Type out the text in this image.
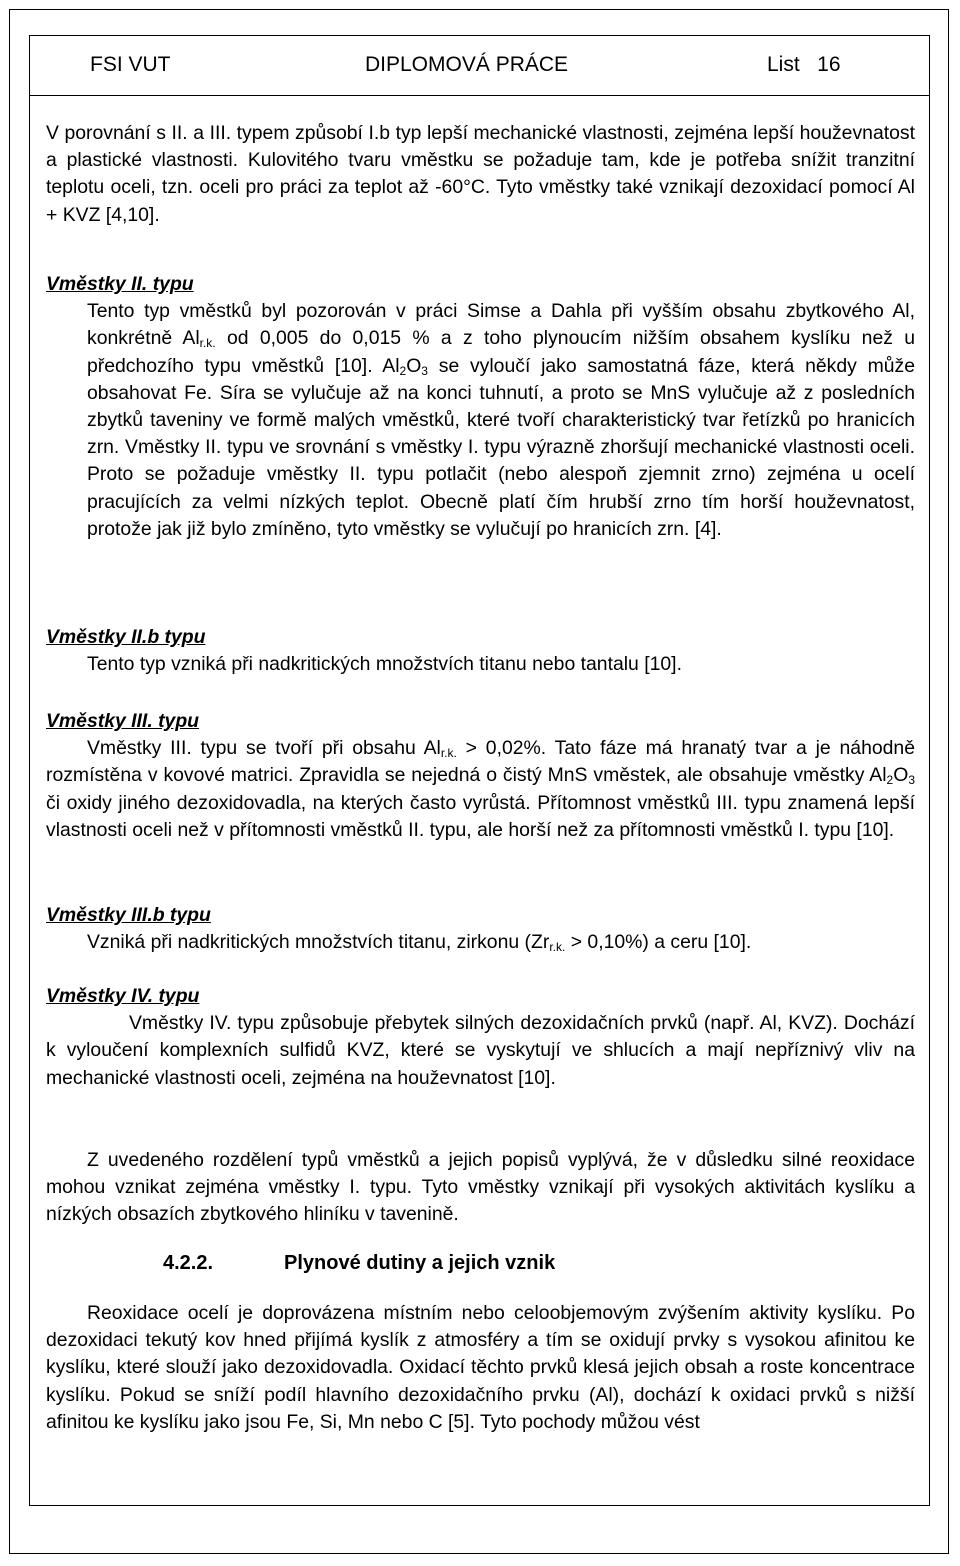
FSI VUT	DIPLOMOVÁ PRÁCE	List   16

V porovnání s II. a III. typem způsobí I.b typ lepší mechanické vlastnosti, zejména lepší houževnatost a plastické vlastnosti. Kulovitého tvaru vměstku se požaduje tam, kde je potřeba snížit tranzitní teplotu oceli, tzn. oceli pro práci za teplot až -60°C. Tyto vměstky také vznikají dezoxidací pomocí Al + KVZ [4,10].

Vměstky II. typu

Tento typ vměstků byl pozorován v práci Simse a Dahla při vyšším obsahu zbytkového Al, konkrétně $Al_{r.k.}$ od 0,005 do 0,015 % a z toho plynoucím nižším obsahem kyslíku než u předchozího typu vměstků [10]. $Al_2O_3$ se vyloučí jako samostatná fáze, která někdy může obsahovat Fe. Síra se vylučuje až na konci tuhnutí, a proto se MnS vylučuje až z posledních zbytků taveniny ve formě malých vměstků, které tvoří charakteristický tvar řetízků po hranicích zrn. Vměstky II. typu ve srovnání s vměstky I. typu výrazně zhoršují mechanické vlastnosti oceli. Proto se požaduje vměstky II. typu potlačit (nebo alespoň zjemnit zrno) zejména u ocelí pracujících za velmi nízkých teplot. Obecně platí čím hrubší zrno tím horší houževnatost, protože jak již bylo zmíněno, tyto vměstky se vylučují po hranicích zrn. [4].

Vměstky II.b typu

Tento typ vzniká při nadkritických množstvích titanu nebo tantalu [10].

Vměstky III. typu

Vměstky III. typu se tvoří při obsahu $Al_{r.k.} > 0,02\%$. Tato fáze má hranatý tvar a je náhodně rozmístěna v kovové matrici. Zpravidla se nejedná o čistý MnS vměstek, ale obsahuje vměstky $Al_2O_3$ či oxidy jiného dezoxidovadla, na kterých často vyrůstá. Přítomnost vměstků III. typu znamená lepší vlastnosti oceli než v přítomnosti vměstků II. typu, ale horší než za přítomnosti vměstků I. typu [10].

Vměstky III.b typu

Vzniká při nadkritických množstvích titanu, zirkonu $(Zr_{r.k.} > 0,10\%)$ a ceru [10].

Vměstky IV. typu

Vměstky IV. typu způsobuje přebytek silných dezoxidačních prvků (např. Al, KVZ). Dochází k vyloučení komplexních sulfidů KVZ, které se vyskytují ve shlucích a mají nepříznivý vliv na mechanické vlastnosti oceli, zejména na houževnatost [10].

Z uvedeného rozdělení typů vměstků a jejich popisů vyplývá, že v důsledku silné reoxidace mohou vznikat zejména vměstky I. typu. Tyto vměstky vznikají při vysokých aktivitách kyslíku a nízkých obsazích zbytkového hliníku v tavenině.

4.2.2.	Plynové dutiny a jejich vznik

Reoxidace ocelí je doprovázena místním nebo celoobjemovým zvýšením aktivity kyslíku. Po dezoxidaci tekutý kov hned přijímá kyslík z atmosféry a tím se oxidují prvky s vysokou afinitou ke kyslíku, které slouží jako dezoxidovadla. Oxidací těchto prvků klesá jejich obsah a roste koncentrace kyslíku. Pokud se sníží podíl hlavního dezoxidačního prvku (Al), dochází k oxidaci prvků s nižší afinitou ke kyslíku jako jsou Fe, Si, Mn nebo C [5]. Tyto pochody můžou vést
